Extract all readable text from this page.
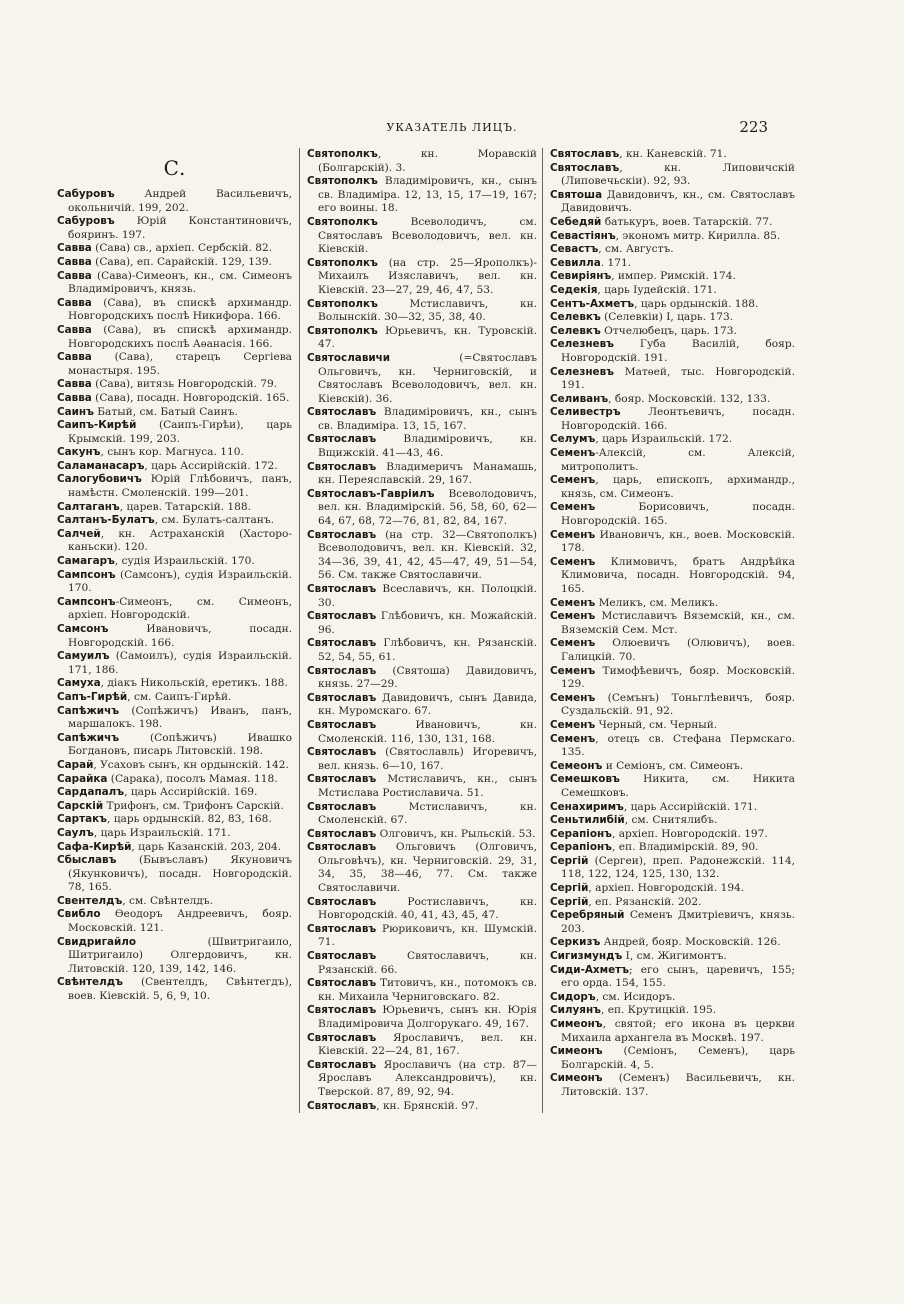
УКАЗАТЕЛЬ ЛИЦЪ.	223
С.

Сабуровъ Андрей Васильевичъ, окольничій. 199, 202.

Сабуровъ Юрій Константиновичъ, бояринъ. 197.

Савва (Сава) св., архіеп. Сербскій. 82.

Савва (Сава), еп. Сарайскій. 129, 139.

Савва (Сава)-Симеонъ, кн., см. Симеонъ Владиміровичъ, князь.

Савва (Сава), въ спискѣ архимандр. Новгородскихъ послѣ Никифора. 166.

Савва (Сава), въ спискѣ архимандр. Новгородскихъ послѣ Аѳанасія. 166.

Савва (Сава), старецъ Сергіева монастыря. 195.

Савва (Сава), витязь Новгородскій. 79.

Савва (Сава), посадн. Новгородскій. 165.

Саинъ Батый, см. Батый Саинъ.

Саипъ-Кирѣй (Саипъ-Гирѣи), царь Крымскій. 199, 203.

Сакунъ, сынъ кор. Магнуса. 110.

Саламанасаръ, царь Ассирійскій. 172.

Салогубовичъ Юрій Глѣбовичъ, панъ, намѣстн. Смоленскій. 199—201.

Салтаганъ, царев. Татарскій. 188.

Салтанъ-Булатъ, см. Булатъ-салтанъ.

Салчей, кн. Астраханскій (Хасторо-каньски). 120.

Самагаръ, судія Израильскій. 170.

Сампсонъ (Самсонъ), судія Израильскій. 170.

Сампсонъ-Симеонъ, см. Симеонъ, архіеп. Новгородскій.

Самсонъ Ивановичъ, посадн. Новгородскій. 166.

Самуилъ (Самоилъ), судія Израильскій. 171, 186.

Самуха, діакъ Никольскій, еретикъ. 188.

Сапъ-Гирѣй, см. Саипъ-Гирѣй.

Сапѣжичъ (Сопѣжичъ) Иванъ, панъ, маршалокъ. 198.

Сапѣжичъ (Сопѣжичъ) Ивашко Богдановъ, писарь Литовскій. 198.

Сарай, Усаховъ сынъ, кн ордынскій. 142.

Сарайка (Сарака), посолъ Мамая. 118.

Сардапалъ, царь Ассирійскій. 169.

Сарскій Трифонъ, см. Трифонъ Сарскій.

Сартакъ, царь ордынскій. 82, 83, 168.

Саулъ, царь Израильскій. 171.

Сафа-Кирѣй, царь Казанскій. 203, 204.

Сбыславъ (Бывъславъ) Якуновичъ (Якунковичъ), посадн. Новгородскій. 78, 165.

Свентелдъ, см. Свѣнтелдъ.

Свибло Ѳеодоръ Андреевичъ, бояр. Московскій. 121.

Свидригайло (Швитригаило, Шитригаило) Олгердовичъ, кн. Литовскій. 120, 139, 142, 146.

Свѣнтелдъ (Свентелдъ, Свѣнтегдъ), воев. Кіевскій. 5, 6, 9, 10.

Святополкъ, кн. Моравскій (Болгарскій). 3.

Святополкъ Владиміровичъ, кн., сынъ св. Владиміра. 12, 13, 15, 17—19, 167; его воины. 18.

Святополкъ Всеволодичъ, см. Святославъ Всеволодовичъ, вел. кн. Кіевскій.

Святополкъ (на стр. 25—Ярополкъ)-Михаилъ Изяславичъ, вел. кн. Кіевскій. 23—27, 29, 46, 47, 53.

Святополкъ Мстиславичъ, кн. Волынскій. 30—32, 35, 38, 40.

Святополкъ Юрьевичъ, кн. Туровскій. 47.

Святославичи (=Святославъ Ольговичъ, кн. Черниговскій, и Святославъ Всеволодовичъ, вел. кн. Кіевскій). 36.

Святославъ Владиміровичъ, кн., сынъ св. Владиміра. 13, 15, 167.

Святославъ Владиміровичъ, кн. Вщижскій. 41—43, 46.

Святославъ Владимеричъ Манамашь, кн. Переяславскій. 29, 167.

Святославъ-Гавріилъ Всеволодовичъ, вел. кн. Владимірскій. 56, 58, 60, 62—64, 67, 68, 72—76, 81, 82, 84, 167.

Святославъ (на стр. 32—Святополкъ) Всеволодовичъ, вел. кн. Кіевскій. 32, 34—36, 39, 41, 42, 45—47, 49, 51—54, 56. См. также Святославичи.

Святославъ Всеславичъ, кн. Полоцкій. 30.

Святославъ Глѣбовичъ, кн. Можайскій. 96.

Святославъ Глѣбовичъ, кн. Рязанскій. 52, 54, 55, 61.

Святославъ (Святоша) Давидовичъ, князь. 27—29.

Святославъ Давидовичъ, сынъ Давида, кн. Муромскаго. 67.

Святославъ Ивановичъ, кн. Смоленскій. 116, 130, 131, 168.

Святославъ (Святославль) Игоревичъ, вел. князь. 6—10, 167.

Святославъ Мстиславичъ, кн., сынъ Мстислава Ростиславича. 51.

Святославъ Мстиславичъ, кн. Смоленскій. 67.

Святославъ Олговичъ, кн. Рыльскій. 53.

Святославъ Ольговичъ (Олговичъ, Ольговѣчъ), кн. Черниговскій. 29, 31, 34, 35, 38—46, 77. См. также Святославичи.

Святославъ Ростиславичъ, кн. Новгородскій. 40, 41, 43, 45, 47.

Святославъ Рюриковичъ, кн. Шумскій. 71.

Святославъ Святославичъ, кн. Рязанскій. 66.

Святославъ Титовичъ, кн., потомокъ св. кн. Михаила Черниговскаго. 82.

Святославъ Юрьевичъ, сынъ кн. Юрія Владиміровича Долгорукаго. 49, 167.

Святославъ Ярославичъ, вел. кн. Кіевскій. 22—24, 81, 167.

Святославъ Ярославичъ (на стр. 87—Ярославъ Александровичъ), кн. Тверской. 87, 89, 92, 94.

Святославъ, кн. Брянскій. 97.

Святославъ, кн. Каневскій. 71.

Святославъ, кн. Липовичскій (Липовечьскіи). 92, 93.

Святоша Давидовичъ, кн., см. Святославъ Давидовичъ.

Себедяй батькуръ, воев. Татарскій. 77.

Севастіянъ, экономъ митр. Кирилла. 85.

Севастъ, см. Августъ.

Севилла. 171.

Севиріянъ, импер. Римскій. 174.

Седекія, царь Іудейскій. 171.

Сентъ-Ахметъ, царь ордынскій. 188.

Селевкъ (Селевкіи) I, царь. 173.

Селевкъ Отчелюбецъ, царь. 173.

Селезневъ Губа Василій, бояр. Новгородскій. 191.

Селезневъ Матѳей, тыс. Новгородскій. 191.

Селиванъ, бояр. Московскій. 132, 133.

Селивестръ Леонтьевичъ, посадн. Новгородскій. 166.

Селумъ, царь Израильскій. 172.

Семенъ-Алексій, см. Алексій, митрополитъ.

Семенъ, царь, епископъ, архимандр., князь, см. Симеонъ.

Семенъ Борисовичъ, посадн. Новгородскій. 165.

Семенъ Ивановичъ, кн., воев. Московскій. 178.

Семенъ Климовичъ, братъ Андрѣйка Климовича, посадн. Новгородскій. 94, 165.

Семенъ Меликъ, см. Меликъ.

Семенъ Мстиславичъ Вяземскій, кн., см. Вяземскій Сем. Мст.

Семенъ Олюевичъ (Олювичъ), воев. Галицкій. 70.

Семенъ Тимофѣевичъ, бояр. Московскій. 129.

Семенъ (Семънъ) Тоньглѣевичъ, бояр. Суздальскій. 91, 92.

Семенъ Черный, см. Черный.

Семенъ, отецъ св. Стефана Пермскаго. 135.

Семеонъ и Семіонъ, см. Симеонъ.

Семешковъ Никита, см. Никита Семешковъ.

Сенахиримъ, царь Ассирійскій. 171.

Сеньтилибій, см. Снитялибъ.

Серапіонъ, архіеп. Новгородскій. 197.

Серапіонъ, еп. Владимірскій. 89, 90.

Сергій (Сергеи), преп. Радонежскій. 114, 118, 122, 124, 125, 130, 132.

Сергій, архіеп. Новгородскій. 194.

Сергій, еп. Рязанскій. 202.

Серебряный Семенъ Дмитріевичъ, князь. 203.

Серкизъ Андрей, бояр. Московскій. 126.

Сигизмундъ I, см. Жигимонтъ.

Сиди-Ахметъ; его сынъ, царевичъ, 155; его орда. 154, 155.

Сидоръ, см. Исидоръ.

Силуянъ, еп. Крутицкій. 195.

Симеонъ, святой; его икона въ церкви Михаила архангела въ Москвѣ. 197.

Симеонъ (Семіонъ, Семенъ), царь Болгарскій. 4, 5.

Симеонъ (Семенъ) Васильевичъ, кн. Литовскій. 137.
